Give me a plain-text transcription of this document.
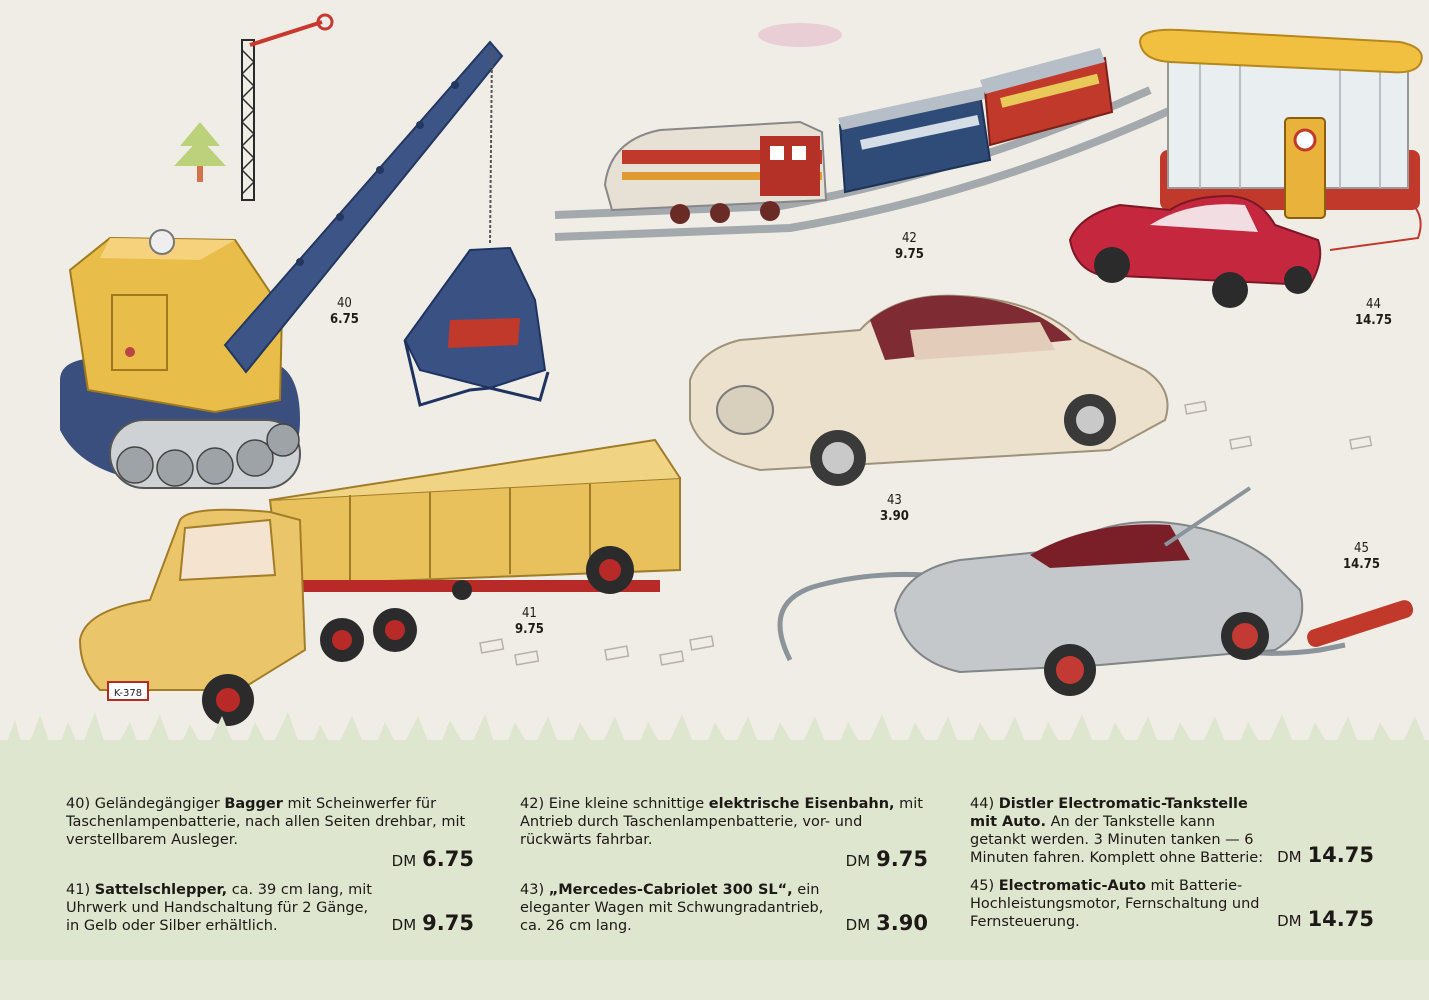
K-378
40
6.75
41
9.75
42
9.75
43
3.90
44
14.75
45
14.75
40) Geländegängiger Bagger mit Scheinwerfer für Taschenlampenbatterie, nach allen Seiten drehbar, mit verstellbarem Ausleger.
DM 6.75
41) Sattelschlepper, ca. 39 cm lang, mit Uhrwerk und Handschaltung für 2 Gänge, in Gelb oder Silber erhältlich.	DM 9.75
42) Eine kleine schnittige elektrische Eisenbahn, mit Antrieb durch Taschenlampenbatterie, vor- und rückwärts fahrbar.
DM 9.75
43) „Mercedes-Cabriolet 300 SL“, ein eleganter Wagen mit Schwungradantrieb, ca. 26 cm lang.	DM 3.90
44) Distler Electromatic-Tankstelle mit Auto. An der Tankstelle kann getankt werden. 3 Minuten tanken — 6 Minuten fahren. Komplett ohne Batterie: DM 14.75
45) Electromatic-Auto mit Batterie-Hochleistungsmotor, Fernschaltung und Fernsteuerung.	DM 14.75
